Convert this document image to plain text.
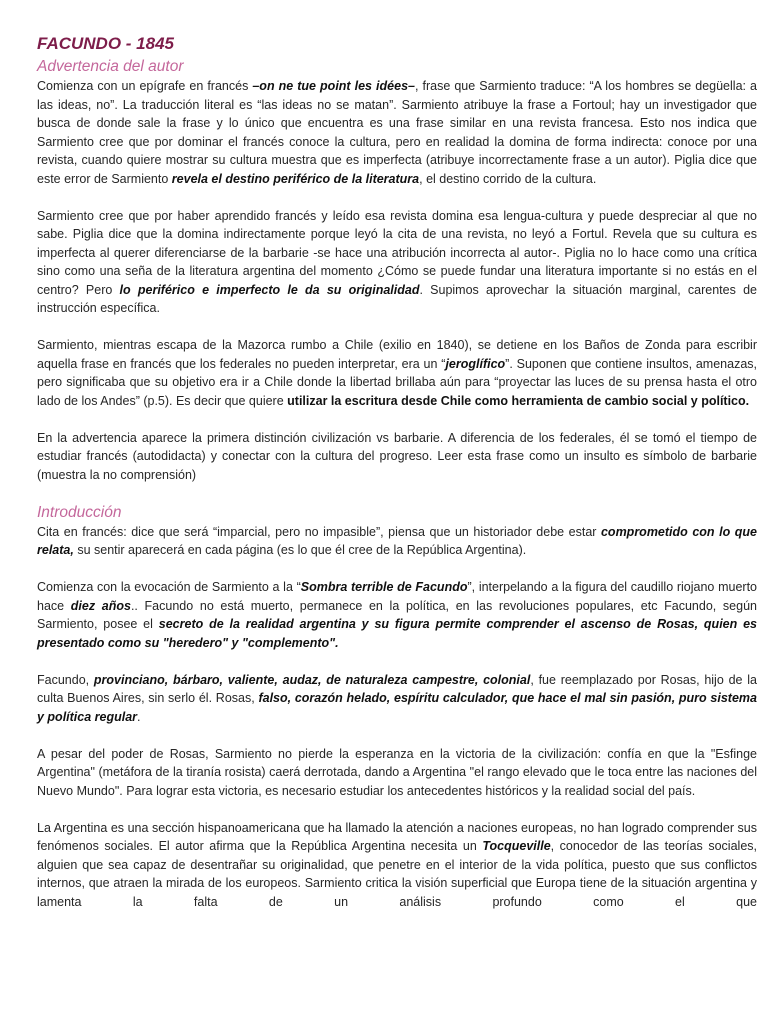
FACUNDO - 1845
Advertencia del autor

Comienza con un epígrafe en francés –on ne tue point les idées–, frase que Sarmiento traduce: “A los hombres se degüella: a las ideas, no”. La traducción literal es “las ideas no se matan”. Sarmiento atribuye la frase a Fortoul; hay un investigador que busca de donde sale la frase y lo único que encuentra es una frase similar en una revista francesa. Esto nos indica que Sarmiento cree que por dominar el francés conoce la cultura, pero en realidad la domina de forma indirecta: conoce por una revista, cuando quiere mostrar su cultura muestra que es imperfecta (atribuye incorrectamente frase a un autor). Piglia dice que este error de Sarmiento revela el destino periférico de la literatura, el destino corrido de la cultura.

Sarmiento cree que por haber aprendido francés y leído esa revista domina esa lengua-cultura y puede despreciar al que no sabe. Piglia dice que la domina indirectamente porque leyó la cita de una revista, no leyó a Fortul. Revela que su cultura es imperfecta al querer diferenciarse de la barbarie -se hace una atribución incorrecta al autor-. Piglia no lo hace como una crítica sino como una seña de la literatura argentina del momento ¿Cómo se puede fundar una literatura importante si no estás en el centro? Pero lo periférico e imperfecto le da su originalidad. Supimos aprovechar la situación marginal, carentes de instrucción específica.

Sarmiento, mientras escapa de la Mazorca rumbo a Chile (exilio en 1840), se detiene en los Baños de Zonda para escribir aquella frase en francés que los federales no pueden interpretar, era un “jeroglífico”. Suponen que contiene insultos, amenazas, pero significaba que su objetivo era ir a Chile donde la libertad brillaba aún para “proyectar las luces de su prensa hasta el otro lado de los Andes” (p.5). Es decir que quiere utilizar la escritura desde Chile como herramienta de cambio social y político.

En la advertencia aparece la primera distinción civilización vs barbarie. A diferencia de los federales, él se tomó el tiempo de estudiar francés (autodidacta) y conectar con la cultura del progreso. Leer esta frase como un insulto es símbolo de barbarie (muestra la no comprensión)

Introducción

Cita en francés: dice que será “imparcial, pero no impasible”, piensa que un historiador debe estar comprometido con lo que relata, su sentir aparecerá en cada página (es lo que él cree de la República Argentina).

Comienza con la evocación de Sarmiento a la “Sombra terrible de Facundo”, interpelando a la figura del caudillo riojano muerto hace diez años.. Facundo no está muerto, permanece en la política, en las revoluciones populares, etc Facundo, según Sarmiento, posee el secreto de la realidad argentina y su figura permite comprender el ascenso de Rosas, quien es presentado como su "heredero" y "complemento".

Facundo, provinciano, bárbaro, valiente, audaz, de naturaleza campestre, colonial, fue reemplazado por Rosas, hijo de la culta Buenos Aires, sin serlo él. Rosas, falso, corazón helado, espíritu calculador, que hace el mal sin pasión, puro sistema y política regular.

A pesar del poder de Rosas, Sarmiento no pierde la esperanza en la victoria de la civilización: confía en que la "Esfinge Argentina" (metáfora de la tiranía rosista) caerá derrotada, dando a Argentina "el rango elevado que le toca entre las naciones del Nuevo Mundo". Para lograr esta victoria, es necesario estudiar los antecedentes históricos y la realidad social del país.

La Argentina es una sección hispanoamericana que ha llamado la atención a naciones europeas, no han logrado comprender sus fenómenos sociales. El autor afirma que la República Argentina necesita un Tocqueville, conocedor de las teorías sociales, alguien que sea capaz de desentrañar su originalidad, que penetre en el interior de la vida política, puesto que sus conflictos internos, que atraen la mirada de los europeos. Sarmiento critica la visión superficial que Europa tiene de la situación argentina y lamenta la falta de un análisis profundo como el que
